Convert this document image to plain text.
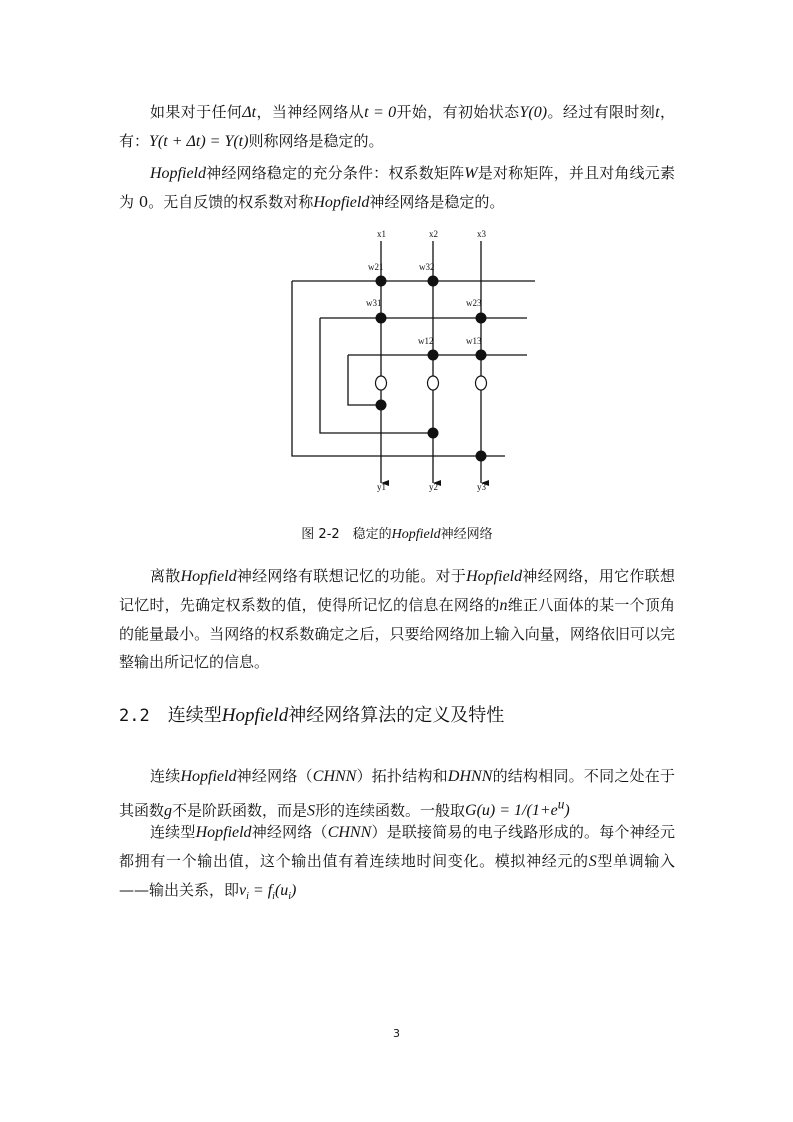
如果对于任何Δt，当神经网络从t = 0开始，有初始状态Y(0)。经过有限时刻t，有：Y(t + Δt) = Y(t)则称网络是稳定的。

Hopfield神经网络稳定的充分条件：权系数矩阵W是对称矩阵，并且对角线元素为 0。无自反馈的权系数对称Hopfield神经网络是稳定的。

x1	x2	x3
w21	w32
w31	w23
w12	w13
y1	y2	y3
图 2-2　稳定的Hopfield神经网络

离散Hopfield神经网络有联想记忆的功能。对于Hopfield神经网络，用它作联想记忆时，先确定权系数的值，使得所记忆的信息在网络的n维正八面体的某一个顶角的能量最小。当网络的权系数确定之后，只要给网络加上输入向量，网络依旧可以完整输出所记忆的信息。

2.2 连续型Hopfield神经网络算法的定义及特性

连续Hopfield神经网络（CHNN）拓扑结构和DHNN的结构相同。不同之处在于其函数g不是阶跃函数，而是S形的连续函数。一般取$G(u) = 1/(1+e^u)$

连续型Hopfield神经网络（CHNN）是联接简易的电子线路形成的。每个神经元都拥有一个输出值，这个输出值有着连续地时间变化。模拟神经元的S型单调输入——输出关系，即$v_i = f_i(u_i)$

3
